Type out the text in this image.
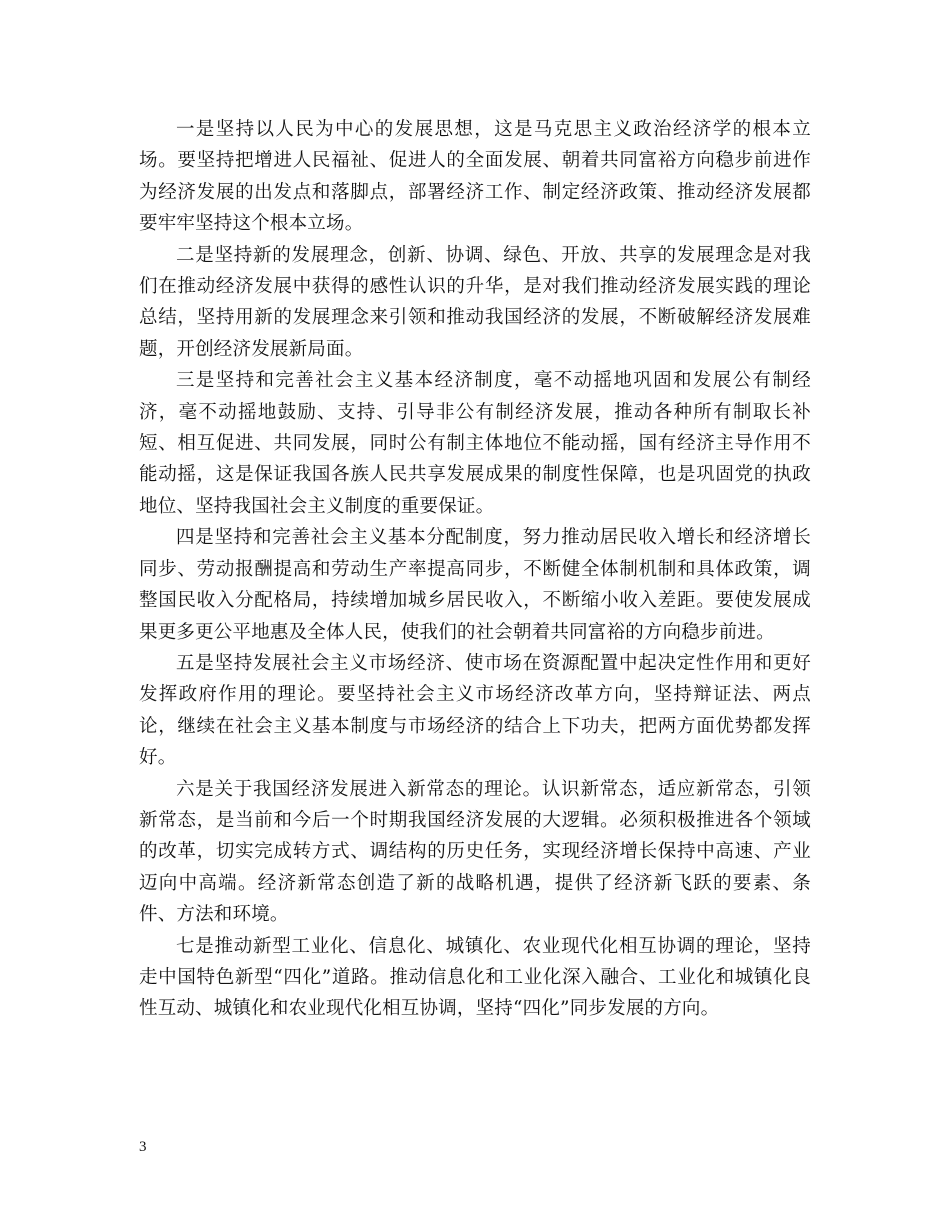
一是坚持以人民为中心的发展思想，这是马克思主义政治经济学的根本立场。要坚持把增进人民福祉、促进人的全面发展、朝着共同富裕方向稳步前进作为经济发展的出发点和落脚点，部署经济工作、制定经济政策、推动经济发展都要牢牢坚持这个根本立场。

二是坚持新的发展理念，创新、协调、绿色、开放、共享的发展理念是对我们在推动经济发展中获得的感性认识的升华，是对我们推动经济发展实践的理论总结，坚持用新的发展理念来引领和推动我国经济的发展，不断破解经济发展难题，开创经济发展新局面。

三是坚持和完善社会主义基本经济制度，毫不动摇地巩固和发展公有制经济，毫不动摇地鼓励、支持、引导非公有制经济发展，推动各种所有制取长补短、相互促进、共同发展，同时公有制主体地位不能动摇，国有经济主导作用不能动摇，这是保证我国各族人民共享发展成果的制度性保障，也是巩固党的执政地位、坚持我国社会主义制度的重要保证。

四是坚持和完善社会主义基本分配制度，努力推动居民收入增长和经济增长同步、劳动报酬提高和劳动生产率提高同步，不断健全体制机制和具体政策，调整国民收入分配格局，持续增加城乡居民收入，不断缩小收入差距。要使发展成果更多更公平地惠及全体人民，使我们的社会朝着共同富裕的方向稳步前进。

五是坚持发展社会主义市场经济、使市场在资源配置中起决定性作用和更好发挥政府作用的理论。要坚持社会主义市场经济改革方向，坚持辩证法、两点论，继续在社会主义基本制度与市场经济的结合上下功夫，把两方面优势都发挥好。

六是关于我国经济发展进入新常态的理论。认识新常态，适应新常态，引领新常态，是当前和今后一个时期我国经济发展的大逻辑。必须积极推进各个领域的改革，切实完成转方式、调结构的历史任务，实现经济增长保持中高速、产业迈向中高端。经济新常态创造了新的战略机遇，提供了经济新飞跃的要素、条件、方法和环境。

七是推动新型工业化、信息化、城镇化、农业现代化相互协调的理论，坚持走中国特色新型“四化”道路。推动信息化和工业化深入融合、工业化和城镇化良性互动、城镇化和农业现代化相互协调，坚持“四化”同步发展的方向。

3
